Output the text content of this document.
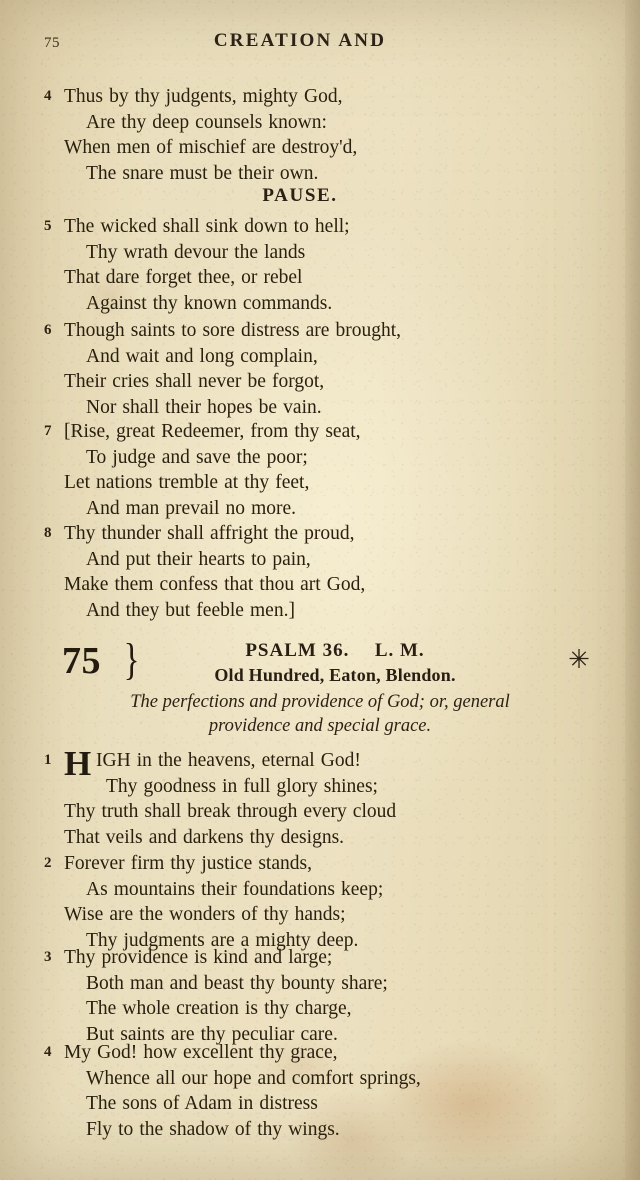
75	CREATION AND
4 Thus by thy judgents, mighty God,
Are thy deep counsels known:
When men of mischief are destroy'd,
The snare must be their own.
PAUSE.
5 The wicked shall sink down to hell;
Thy wrath devour the lands
That dare forget thee, or rebel
Against thy known commands.
6 Though saints to sore distress are brought,
And wait and long complain,
Their cries shall never be forgot,
Nor shall their hopes be vain.
7 [Rise, great Redeemer, from thy seat,
To judge and save the poor;
Let nations tremble at thy feet,
And man prevail no more.
8 Thy thunder shall affright the proud,
And put their hearts to pain,
Make them confess that thou art God,
And they but feeble men.]
75 }	PSALM 36. L. M.
Old Hundred, Eaton, Blendon.
✳
The perfections and providence of God; or, general
providence and special grace.
1 H IGH in the heavens, eternal God!
Thy goodness in full glory shines;
Thy truth shall break through every cloud
That veils and darkens thy designs.
2 Forever firm thy justice stands,
As mountains their foundations keep;
Wise are the wonders of thy hands;
Thy judgments are a mighty deep.
3 Thy providence is kind and large;
Both man and beast thy bounty share;
The whole creation is thy charge,
But saints are thy peculiar care.
4 My God! how excellent thy grace,
Whence all our hope and comfort springs,
The sons of Adam in distress
Fly to the shadow of thy wings.
